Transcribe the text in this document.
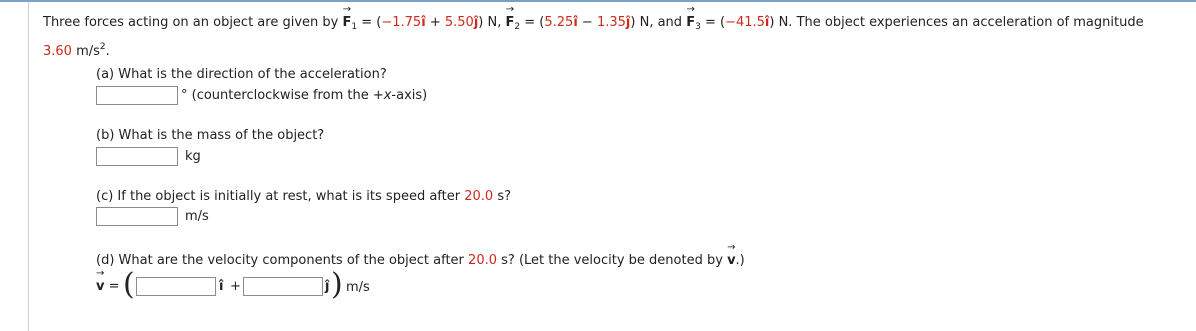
Three forces acting on an object are given by → $F_1$ = (−1.75î + 5.50ĵ) N, → $F_2$ = (5.25î − 1.35ĵ) N, and → $F_3$ = (−41.5î) N. The object experiences an acceleration of magnitude
3.60 $m/s^2$.
(a) What is the direction of the acceleration?
° (counterclockwise from the +x-axis)
(b) What is the mass of the object?
kg
(c) If the object is initially at rest, what is its speed after 20.0 s?
m/s
(d) What are the velocity components of the object after 20.0 s? (Let the velocity be denoted by → v.)
→ v = (	î +	ĵ ) m/s
